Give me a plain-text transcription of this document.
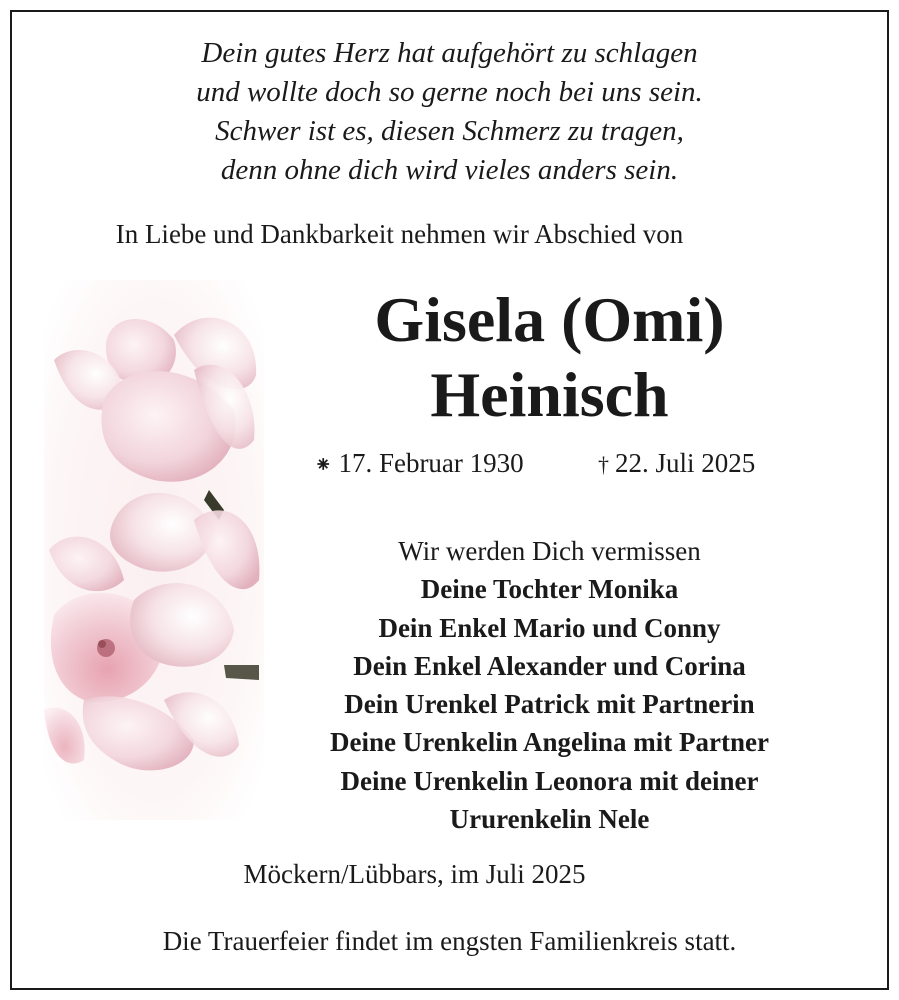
Dein gutes Herz hat aufgehört zu schlagen
und wollte doch so gerne noch bei uns sein.
Schwer ist es, diesen Schmerz zu tragen,
denn ohne dich wird vieles anders sein.
In Liebe und Dankbarkeit nehmen wir Abschied von
Gisela (Omi)
Heinisch
⁕ 17. Februar 1930	† 22. Juli 2025
Wir werden Dich vermissen
Deine Tochter Monika
Dein Enkel Mario und Conny
Dein Enkel Alexander und Corina
Dein Urenkel Patrick mit Partnerin
Deine Urenkelin Angelina mit Partner
Deine Urenkelin Leonora mit deiner
Ururenkelin Nele
Möckern/Lübbars, im Juli 2025
Die Trauerfeier findet im engsten Familienkreis statt.
